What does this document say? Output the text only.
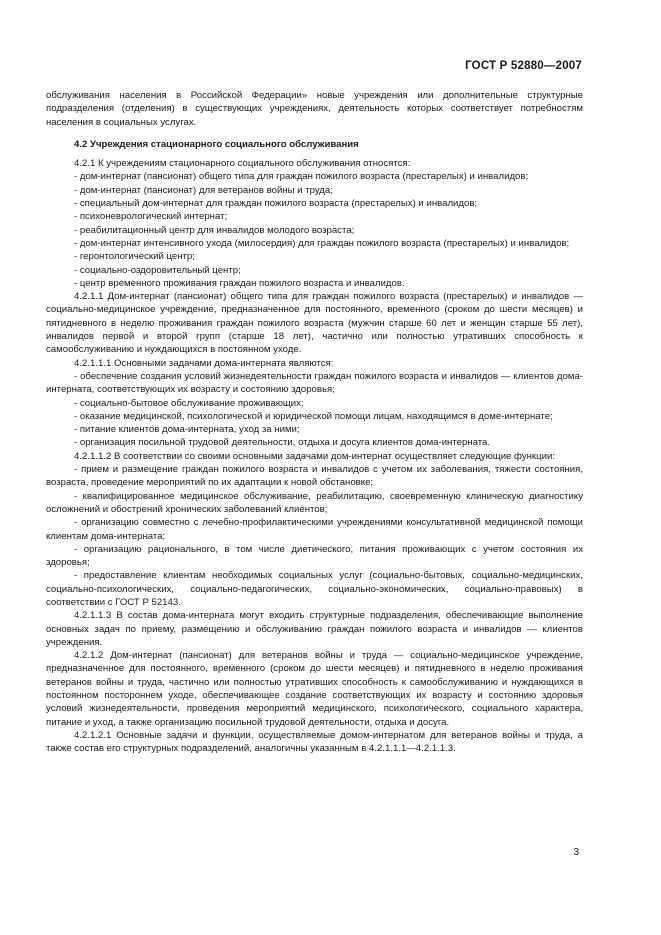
ГОСТ Р 52880—2007

обслуживания населения в Российской Федерации» новые учреждения или дополнительные структурные подразделения (отделения) в существующих учреждениях, деятельность которых соответствует потребностям населения в социальных услугах.

4.2 Учреждения стационарного социального обслуживания

4.2.1 К учреждениям стационарного социального обслуживания относятся:

- дом-интернат (пансионат) общего типа для граждан пожилого возраста (престарелых) и инвалидов;

- дом-интернат (пансионат) для ветеранов войны и труда;

- специальный дом-интернат для граждан пожилого возраста (престарелых) и инвалидов;

- психоневрологический интернат;

- реабилитационный центр для инвалидов молодого возраста;

- дом-интернат интенсивного ухода (милосердия) для граждан пожилого возраста (престарелых) и инвалидов;

- геронтологический центр;

- социально-оздоровительный центр;

- центр временного проживания граждан пожилого возраста и инвалидов.

4.2.1.1 Дом-интернат (пансионат) общего типа для граждан пожилого возраста (престарелых) и инвалидов — социально-медицинское учреждение, предназначенное для постоянного, временного (сроком до шести месяцев) и пятидневного в неделю проживания граждан пожилого возраста (мужчин старше 60 лет и женщин старше 55 лет), инвалидов первой и второй групп (старше 18 лет), частично или полностью утративших способность к самообслуживанию и нуждающихся в постоянном уходе.

4.2.1.1.1 Основными задачами дома-интерната являются:

- обеспечение создания условий жизнедеятельности граждан пожилого возраста и инвалидов — клиентов дома-интерната, соответствующих их возрасту и состоянию здоровья;

- социально-бытовое обслуживание проживающих;

- оказание медицинской, психологической и юридической помощи лицам, находящимся в доме-интернате;

- питание клиентов дома-интерната, уход за ними;

- организация посильной трудовой деятельности, отдыха и досуга клиентов дома-интерната.

4.2.1.1.2 В соответствии со своими основными задачами дом-интернат осуществляет следующие функции:

- прием и размещение граждан пожилого возраста и инвалидов с учетом их заболевания, тяжести состояния, возраста, проведение мероприятий по их адаптации к новой обстановке;

- квалифицированное медицинское обслуживание, реабилитацию, своевременную клиническую диагностику осложнений и обострений хронических заболеваний клиентов;

- организацию совместно с лечебно-профилактическими учреждениями консультативной медицинской помощи клиентам дома-интерната;

- организацию рационального, в том числе диетического, питания проживающих с учетом состояния их здоровья;

- предоставление клиентам необходимых социальных услуг (социально-бытовых, социально-медицинских, социально-психологических, социально-педагогических, социально-экономических, социально-правовых) в соответствии с ГОСТ Р 52143.

4.2.1.1.3 В состав дома-интерната могут входить структурные подразделения, обеспечивающие выполнение основных задач по приему, размещению и обслуживанию граждан пожилого возраста и инвалидов — клиентов учреждения.

4.2.1.2 Дом-интернат (пансионат) для ветеранов войны и труда — социально-медицинское учреждение, предназначенное для постоянного, временного (сроком до шести месяцев) и пятидневного в неделю проживания ветеранов войны и труда, частично или полностью утративших способность к самообслуживанию и нуждающихся в постоянном постороннем уходе, обеспечивающее создание соответствующих их возрасту и состоянию здоровья условий жизнедеятельности, проведения мероприятий медицинского, психологического, социального характера, питание и уход, а также организацию посильной трудовой деятельности, отдыха и досуга.

4.2.1.2.1 Основные задачи и функции, осуществляемые домом-интернатом для ветеранов войны и труда, а также состав его структурных подразделений, аналогичны указанным в 4.2.1.1.1—4.2.1.1.3.

3
